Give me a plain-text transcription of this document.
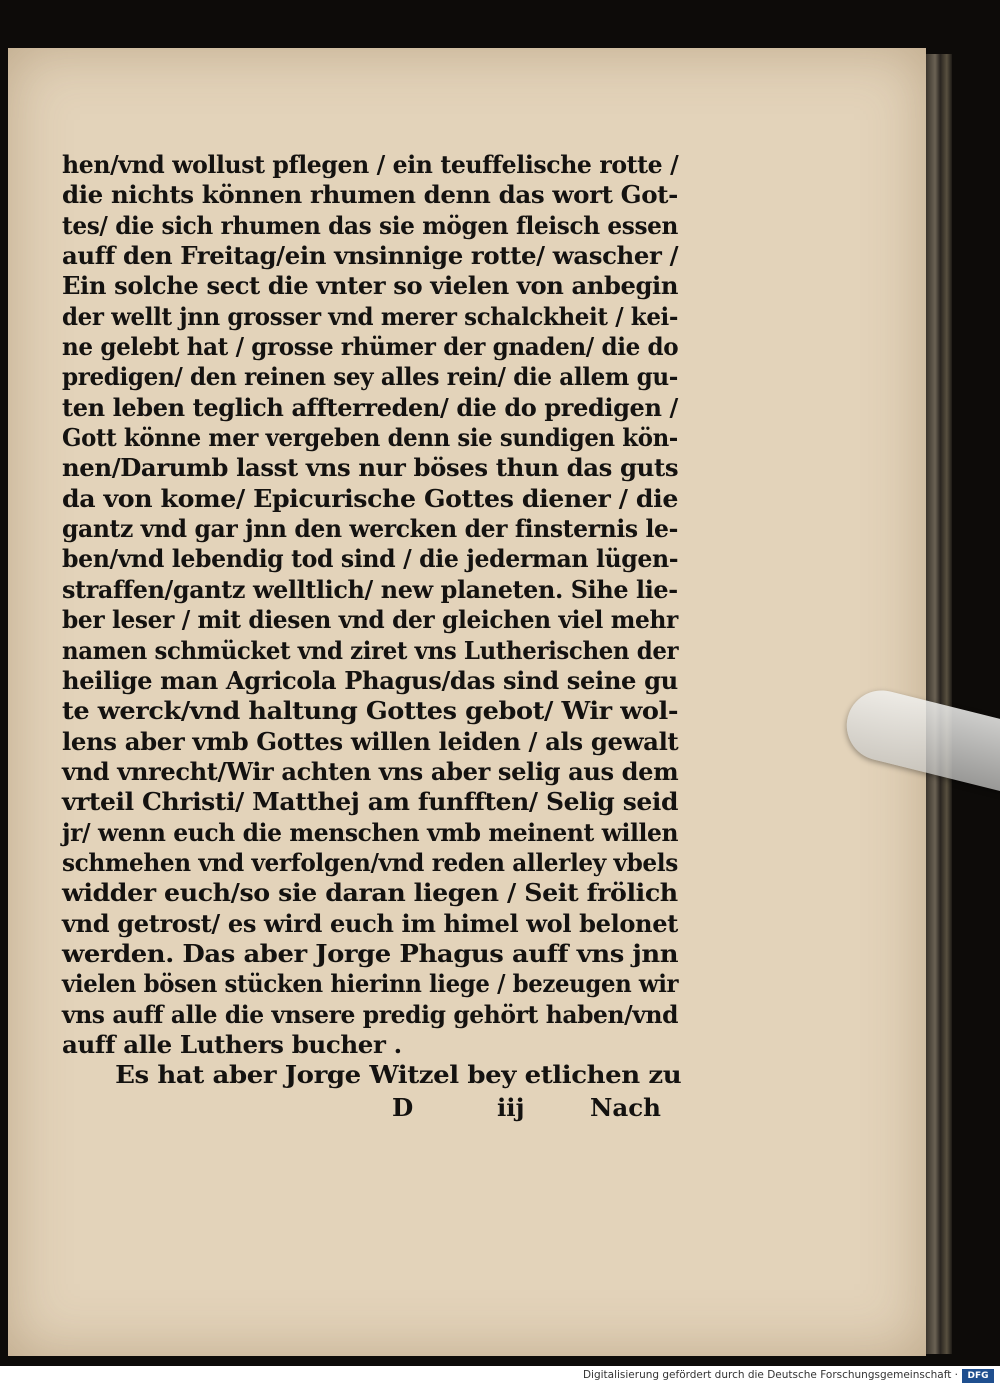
hen/vnd wollust pflegen / ein teuffelische rotte /
die nichts können rhumen denn das wort Got-
tes/ die sich rhumen das sie mögen fleisch essen
auff den Freitag/ein vnsinnige rotte/ wascher /
Ein solche sect die vnter so vielen von anbegin
der wellt jnn grosser vnd merer schalckheit / kei-
ne gelebt hat / grosse rhümer der gnaden/ die do
predigen/ den reinen sey alles rein/ die allem gu-
ten leben teglich affterreden/ die do predigen /
Gott könne mer vergeben denn sie sundigen kön-
nen/Darumb lasst vns nur böses thun das guts
da von kome/ Epicurische Gottes diener / die
gantz vnd gar jnn den wercken der finsternis le-
ben/vnd lebendig tod sind / die jederman lügen-
straffen/gantz welltlich/ new planeten. Sihe lie-
ber leser / mit diesen vnd der gleichen viel mehr
namen schmücket vnd ziret vns Lutherischen der
heilige man Agricola Phagus/das sind seine gu
te werck/vnd haltung Gottes gebot/ Wir wol-
lens aber vmb Gottes willen leiden / als gewalt
vnd vnrecht/Wir achten vns aber selig aus dem
vrteil Christi/ Matthej am funfften/ Selig seid
jr/ wenn euch die menschen vmb meinent willen
schmehen vnd verfolgen/vnd reden allerley vbels
widder euch/so sie daran liegen / Seit frölich
vnd getrost/ es wird euch im himel wol belonet
werden. Das aber Jorge Phagus auff vns jnn
vielen bösen stücken hierinn liege / bezeugen wir
vns auff alle die vnsere predig gehört haben/vnd
auff alle Luthers bucher .
Es hat aber Jorge Witzel bey etlichen zu
D	iij	Nach
Digitalisierung gefördert durch die Deutsche Forschungsgemeinschaft ·	DFG
